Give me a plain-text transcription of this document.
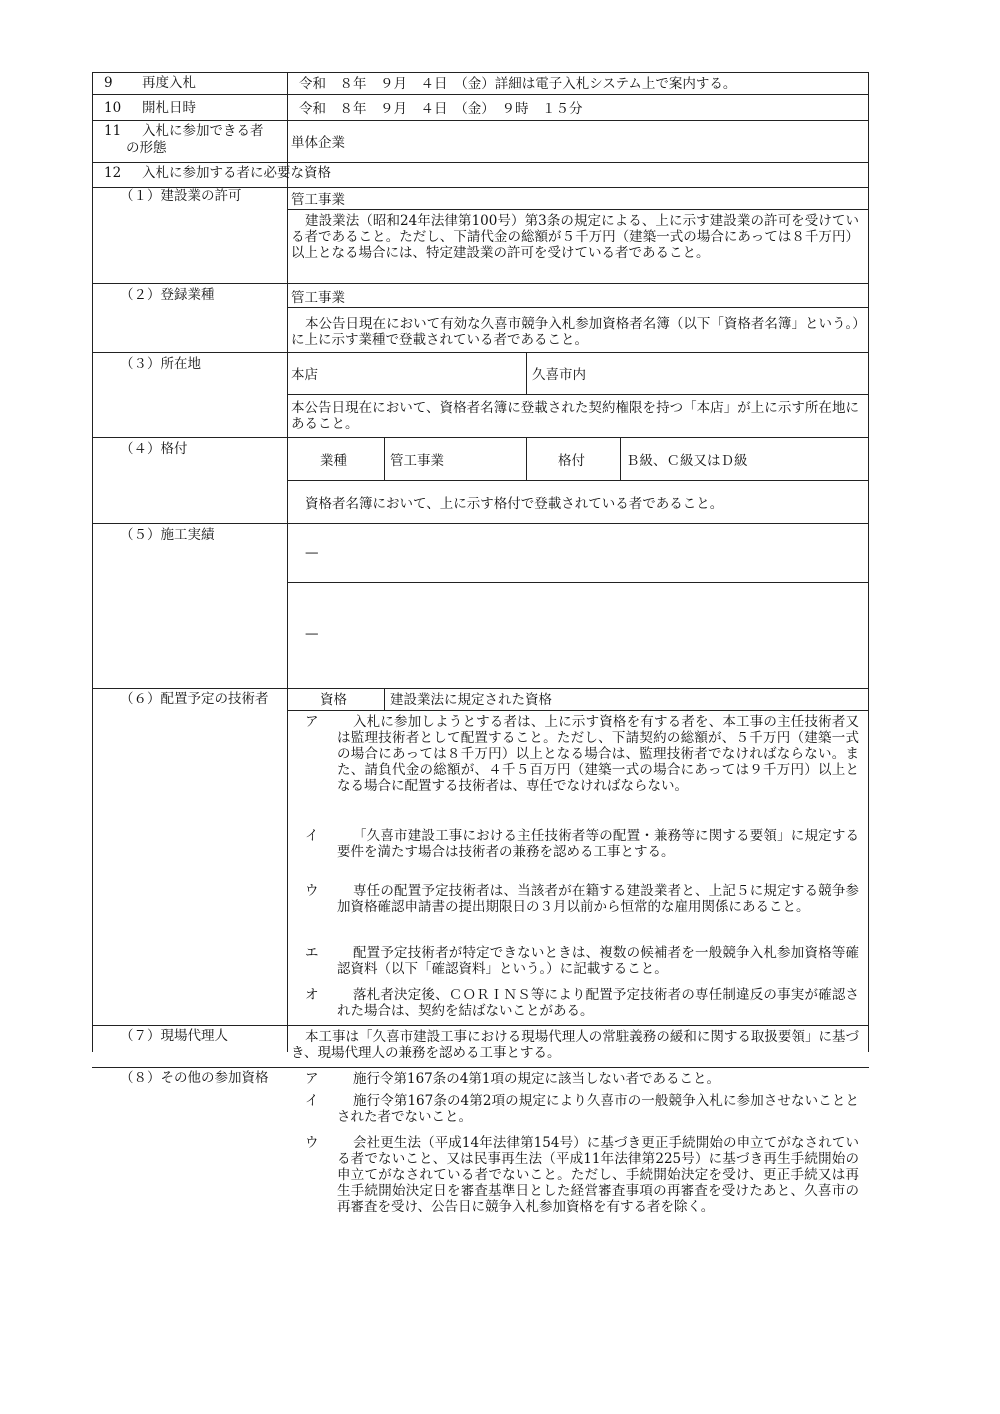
9 再度入札	令和　８年　９月　４日　（金）詳細は電子入札システム上で案内する。
10 開札日時	令和　８年　９月　４日　（金）　９時　１５分
11 入札に参加できる者
の形態	単体企業
12 入札に参加する者に必要な資格
（１）建設業の許可	管工事業
建設業法（昭和24年法律第100号）第3条の規定による、上に示す建設業の許可を受けている者であること。ただし、下請代金の総額が５千万円（建築一式の場合にあっては８千万円）以上となる場合には、特定建設業の許可を受けている者であること。
（２）登録業種	管工事業
本公告日現在において有効な久喜市競争入札参加資格者名簿（以下「資格者名簿」という。）に上に示す業種で登載されている者であること。
（３）所在地
本店	久喜市内
本公告日現在において、資格者名簿に登載された契約権限を持つ「本店」が上に示す所在地にあること。
（４）格付
業種	管工事業	格付	Ｂ級、Ｃ級又はＤ級
資格者名簿において、上に示す格付で登載されている者であること。
（５）施工実績
—
—
（６）配置予定の技術者	資格	建設業法に規定された資格
ア	入札に参加しようとする者は、上に示す資格を有する者を、本工事の主任技術者又は監理技術者として配置すること。ただし、下請契約の総額が、５千万円（建築一式の場合にあっては８千万円）以上となる場合は、監理技術者でなければならない。また、請負代金の総額が、４千５百万円（建築一式の場合にあっては９千万円）以上となる場合に配置する技術者は、専任でなければならない。
イ	「久喜市建設工事における主任技術者等の配置・兼務等に関する要領」に規定する要件を満たす場合は技術者の兼務を認める工事とする。
ウ	専任の配置予定技術者は、当該者が在籍する建設業者と、上記５に規定する競争参加資格確認申請書の提出期限日の３月以前から恒常的な雇用関係にあること。
エ	配置予定技術者が特定できないときは、複数の候補者を一般競争入札参加資格等確認資料（以下「確認資料」という。）に記載すること。
オ	落札者決定後、ＣＯＲＩＮＳ等により配置予定技術者の専任制違反の事実が確認された場合は、契約を結ばないことがある。
（７）現場代理人	本工事は「久喜市建設工事における現場代理人の常駐義務の緩和に関する取扱要領」に基づき、現場代理人の兼務を認める工事とする。
（８）その他の参加資格	ア	施行令第167条の4第1項の規定に該当しない者であること。
イ	施行令第167条の4第2項の規定により久喜市の一般競争入札に参加させないこととされた者でないこと。
ウ	会社更生法（平成14年法律第154号）に基づき更正手続開始の申立てがなされている者でないこと、又は民事再生法（平成11年法律第225号）に基づき再生手続開始の申立てがなされている者でないこと。ただし、手続開始決定を受け、更正手続又は再生手続開始決定日を審査基準日とした経営審査事項の再審査を受けたあと、久喜市の再審査を受け、公告日に競争入札参加資格を有する者を除く。
